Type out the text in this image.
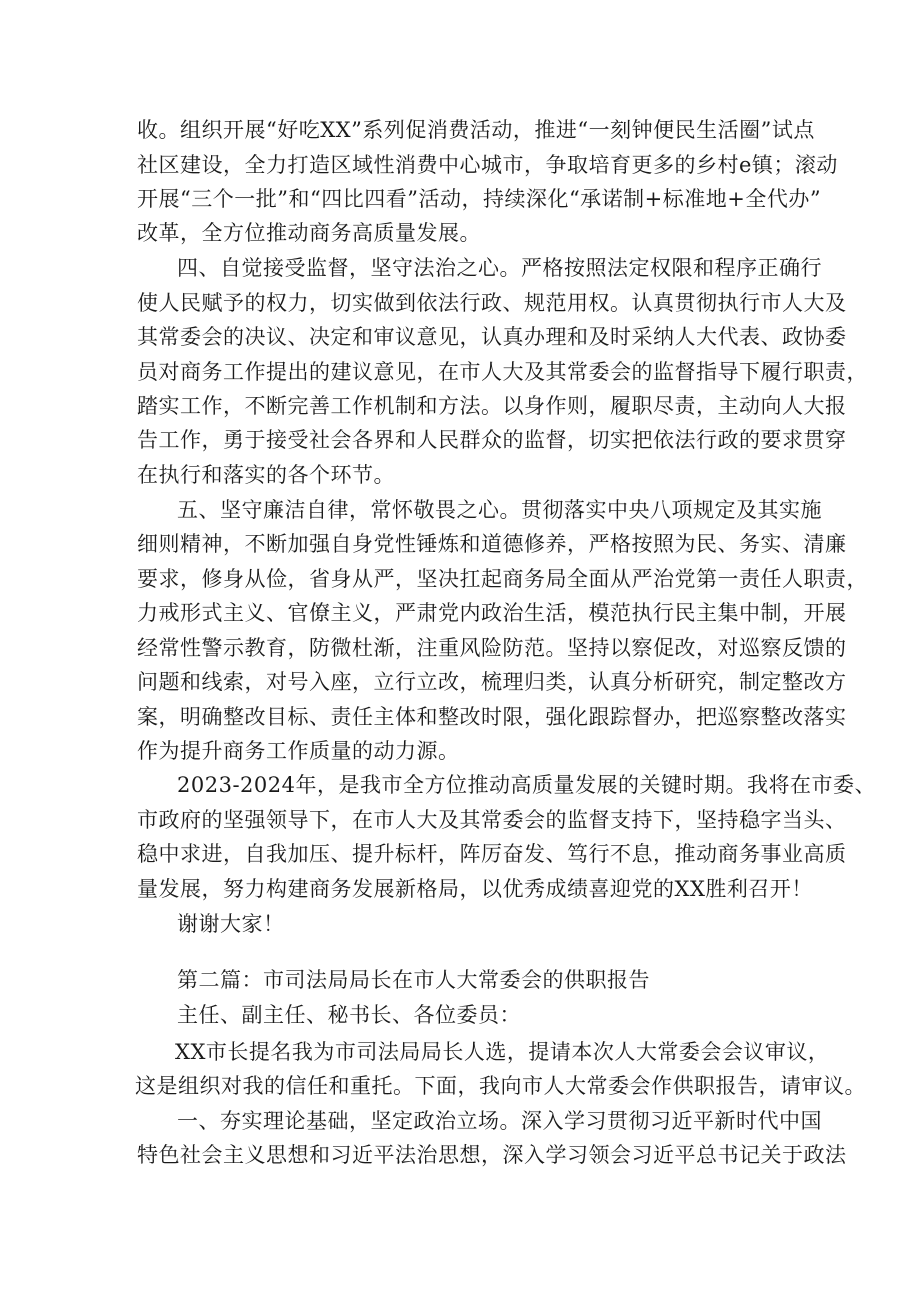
收。组织开展“好吃XX”系列促消费活动，推进“一刻钟便民生活圈”试点
社区建设，全力打造区域性消费中心城市，争取培育更多的乡村e镇；滚动
开展“三个一批”和“四比四看”活动，持续深化“承诺制+标准地+全代办”
改革，全方位推动商务高质量发展。
四、自觉接受监督，坚守法治之心。严格按照法定权限和程序正确行
使人民赋予的权力，切实做到依法行政、规范用权。认真贯彻执行市人大及
其常委会的决议、决定和审议意见，认真办理和及时采纳人大代表、政协委
员对商务工作提出的建议意见，在市人大及其常委会的监督指导下履行职责，
踏实工作，不断完善工作机制和方法。以身作则，履职尽责，主动向人大报
告工作，勇于接受社会各界和人民群众的监督，切实把依法行政的要求贯穿
在执行和落实的各个环节。
五、坚守廉洁自律，常怀敬畏之心。贯彻落实中央八项规定及其实施
细则精神，不断加强自身党性锤炼和道德修养，严格按照为民、务实、清廉
要求，修身从俭，省身从严，坚决扛起商务局全面从严治党第一责任人职责，
力戒形式主义、官僚主义，严肃党内政治生活，模范执行民主集中制，开展
经常性警示教育，防微杜渐，注重风险防范。坚持以察促改，对巡察反馈的
问题和线索，对号入座，立行立改，梳理归类，认真分析研究，制定整改方
案，明确整改目标、责任主体和整改时限，强化跟踪督办，把巡察整改落实
作为提升商务工作质量的动力源。
2023-2024年，是我市全方位推动高质量发展的关键时期。我将在市委、
市政府的坚强领导下，在市人大及其常委会的监督支持下，坚持稳字当头、
稳中求进，自我加压、提升标杆，阵厉奋发、笃行不息，推动商务事业高质
量发展，努力构建商务发展新格局，以优秀成绩喜迎党的XX胜利召开！
谢谢大家！
第二篇：市司法局局长在市人大常委会的供职报告
主任、副主任、秘书长、各位委员：
XX市长提名我为市司法局局长人选，提请本次人大常委会会议审议，
这是组织对我的信任和重托。下面，我向市人大常委会作供职报告，请审议。
一、夯实理论基础，坚定政治立场。深入学习贯彻习近平新时代中国
特色社会主义思想和习近平法治思想，深入学习领会习近平总书记关于政法
